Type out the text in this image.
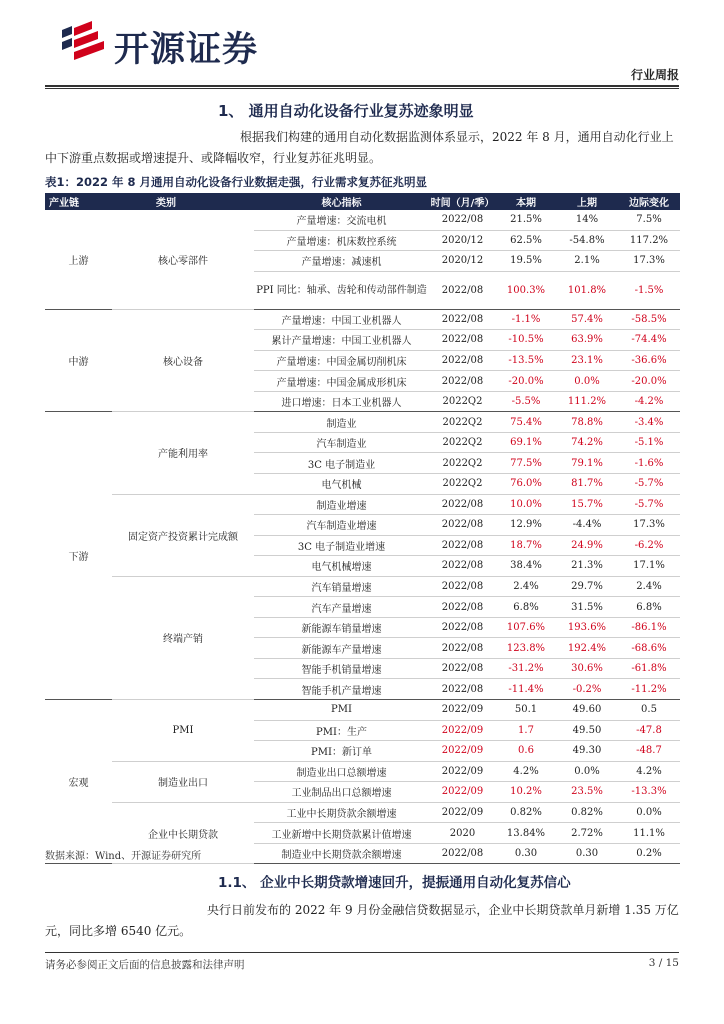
开源证券
行业周报
1、 通用自动化设备行业复苏迹象明显
根据我们构建的通用自动化数据监测体系显示，2022 年 8 月，通用自动化行业上中下游重点数据或增速提升、或降幅收窄，行业复苏征兆明显。
表1：2022 年 8 月通用自动化设备行业数据走强，行业需求复苏征兆明显
产业链	类别	核心指标	时间（月/季）	本期	上期	边际变化
上游	核心零部件	产量增速：交流电机	2022/08	21.5%	14%	7.5%
		产量增速：机床数控系统	2020/12	62.5%	-54.8%	117.2%
		产量增速：减速机	2020/12	19.5%	2.1%	17.3%
		PPI 同比：轴承、齿轮和传动部件制造	2022/08	100.3%	101.8%	-1.5%
中游	核心设备	产量增速：中国工业机器人	2022/08	-1.1%	57.4%	-58.5%
		累计产量增速：中国工业机器人	2022/08	-10.5%	63.9%	-74.4%
		产量增速：中国金属切削机床	2022/08	-13.5%	23.1%	-36.6%
		产量增速：中国金属成形机床	2022/08	-20.0%	0.0%	-20.0%
		进口增速：日本工业机器人	2022Q2	-5.5%	111.2%	-4.2%
下游	产能利用率	制造业	2022Q2	75.4%	78.8%	-3.4%
		汽车制造业	2022Q2	69.1%	74.2%	-5.1%
		3C 电子制造业	2022Q2	77.5%	79.1%	-1.6%
		电气机械	2022Q2	76.0%	81.7%	-5.7%
	固定资产投资累计完成额	制造业增速	2022/08	10.0%	15.7%	-5.7%
		汽车制造业增速	2022/08	12.9%	-4.4%	17.3%
		3C 电子制造业增速	2022/08	18.7%	24.9%	-6.2%
		电气机械增速	2022/08	38.4%	21.3%	17.1%
	终端产销	汽车销量增速	2022/08	2.4%	29.7%	2.4%
		汽车产量增速	2022/08	6.8%	31.5%	6.8%
		新能源车销量增速	2022/08	107.6%	193.6%	-86.1%
		新能源车产量增速	2022/08	123.8%	192.4%	-68.6%
		智能手机销量增速	2022/08	-31.2%	30.6%	-61.8%
		智能手机产量增速	2022/08	-11.4%	-0.2%	-11.2%
宏观	PMI	PMI	2022/09	50.1	49.60	0.5
		PMI：生产	2022/09	1.7	49.50	-47.8
		PMI：新订单	2022/09	0.6	49.30	-48.7
	制造业出口	制造业出口总额增速	2022/09	4.2%	0.0%	4.2%
		工业制品出口总额增速	2022/09	10.2%	23.5%	-13.3%
	企业中长期贷款	工业中长期贷款余额增速	2022/09	0.82%	0.82%	0.0%
		工业新增中长期贷款累计值增速	2020	13.84%	2.72%	11.1%
		制造业中长期贷款余额增速	2022/08	0.30	0.30	0.2%
数据来源：Wind、开源证券研究所
1.1、 企业中长期贷款增速回升，提振通用自动化复苏信心
央行日前发布的 2022 年 9 月份金融信贷数据显示，企业中长期贷款单月新增 1.35 万亿元，同比多增 6540 亿元。
请务必参阅正文后面的信息披露和法律声明	3 / 15
